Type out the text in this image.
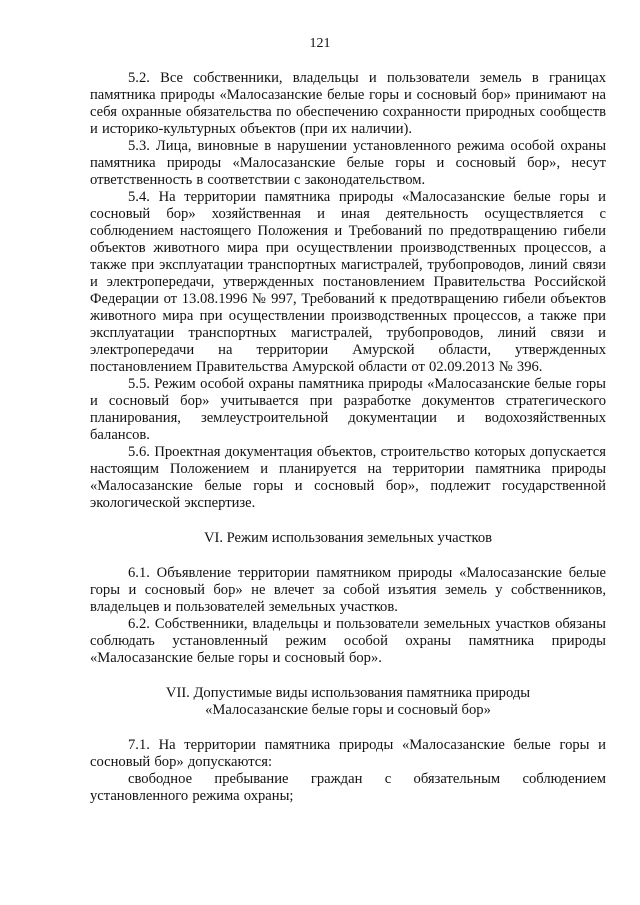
121

5.2. Все собственники, владельцы и пользователи земель в границах памятника природы «Малосазанские белые горы и сосновый бор» принимают на себя охранные обязательства по обеспечению сохранности природных сообществ и историко-культурных объектов (при их наличии).

5.3. Лица, виновные в нарушении установленного режима особой охраны памятника природы «Малосазанские белые горы и сосновый бор», несут ответственность в соответствии с законодательством.

5.4. На территории памятника природы «Малосазанские белые горы и сосновый бор» хозяйственная и иная деятельность осуществляется с соблюдением настоящего Положения и Требований по предотвращению гибели объектов животного мира при осуществлении производственных процессов, а также при эксплуатации транспортных магистралей, трубопроводов, линий связи и электропередачи, утвержденных постановлением Правительства Российской Федерации от 13.08.1996 № 997, Требований к предотвращению гибели объектов животного мира при осуществлении производственных процессов, а также при эксплуатации транспортных магистралей, трубопроводов, линий связи и электропередачи на территории Амурской области, утвержденных постановлением Правительства Амурской области от 02.09.2013 № 396.

5.5. Режим особой охраны памятника природы «Малосазанские белые горы и сосновый бор» учитывается при разработке документов стратегического планирования, землеустроительной документации и водохозяйственных балансов.

5.6. Проектная документация объектов, строительство которых допускается настоящим Положением и планируется на территории памятника природы «Малосазанские белые горы и сосновый бор», подлежит государственной экологической экспертизе.

VI. Режим использования земельных участков

6.1. Объявление территории памятником природы «Малосазанские белые горы и сосновый бор» не влечет за собой изъятия земель у собственников, владельцев и пользователей земельных участков.

6.2. Собственники, владельцы и пользователи земельных участков обязаны соблюдать установленный режим особой охраны памятника природы «Малосазанские белые горы и сосновый бор».

VII. Допустимые виды использования памятника природы
«Малосазанские белые горы и сосновый бор»

7.1. На территории памятника природы «Малосазанские белые горы и сосновый бор» допускаются:

свободное пребывание граждан с обязательным соблюдением установленного режима охраны;
